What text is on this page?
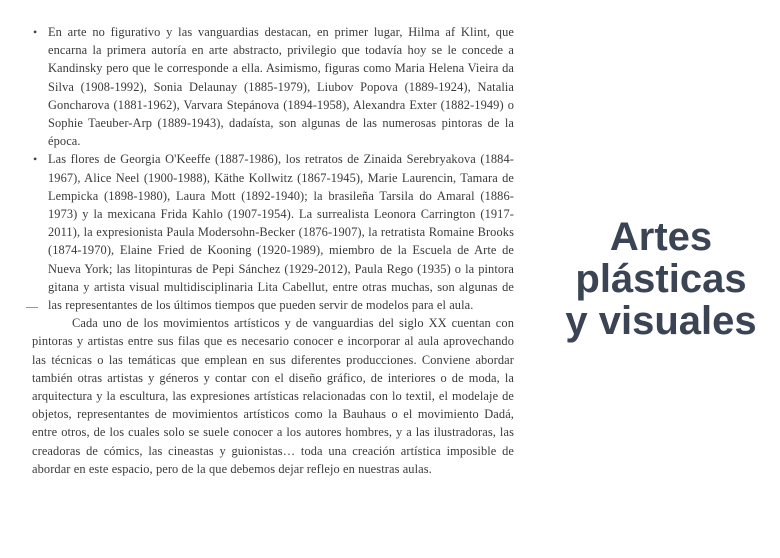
• En arte no figurativo y las vanguardias destacan, en primer lugar, Hilma af Klint, que encarna la primera autoría en arte abstracto, privilegio que todavía hoy se le concede a Kandinsky pero que le corresponde a ella. Asimismo, figuras como Maria Helena Vieira da Silva (1908-1992), Sonia Delaunay (1885-1979), Liubov Popova (1889-1924), Natalia Goncharova (1881-1962), Varvara Stepánova (1894-1958), Alexandra Exter (1882-1949) o Sophie Taeuber-Arp (1889-1943), dadaísta, son algunas de las numerosas pintoras de la época.

• Las flores de Georgia O'Keeffe (1887-1986), los retratos de Zinaida Serebryakova (1884-1967), Alice Neel (1900-1988), Käthe Kollwitz (1867-1945), Marie Laurencin, Tamara de Lempicka (1898-1980), Laura Mott (1892-1940); la brasileña Tarsila do Amaral (1886-1973) y la mexicana Frida Kahlo (1907-1954). La surrealista Leonora Carrington (1917-2011), la expresionista Paula Modersohn-Becker (1876-1907), la retratista Romaine Brooks (1874-1970), Elaine Fried de Kooning (1920-1989), miembro de la Escuela de Arte de Nueva York; las litopinturas de Pepi Sánchez (1929-2012), Paula Rego (1935) o la pintora gitana y artista visual multidisciplinaria Lita Cabellut, entre otras muchas, son algunas de las representantes de los últimos tiempos que pueden servir de modelos para el aula.

Cada uno de los movimientos artísticos y de vanguardias del siglo XX cuentan con pintoras y artistas entre sus filas que es necesario conocer e incorporar al aula aprovechando las técnicas o las temáticas que emplean en sus diferentes producciones. Conviene abordar también otras artistas y géneros y contar con el diseño gráfico, de interiores o de moda, la arquitectura y la escultura, las expresiones artísticas relacionadas con lo textil, el modelaje de objetos, representantes de movimientos artísticos como la Bauhaus o el movimiento Dadá, entre otros, de los cuales solo se suele conocer a los autores hombres, y a las ilustradoras, las creadoras de cómics, las cineastas y guionistas… toda una creación artística imposible de abordar en este espacio, pero de la que debemos dejar reflejo en nuestras aulas.

Artes
plásticas
y visuales
